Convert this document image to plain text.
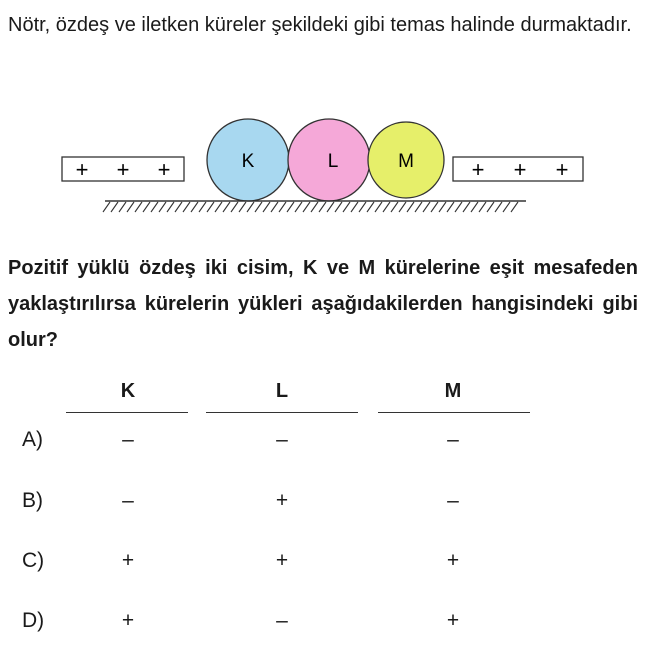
Nötr, özdeş ve iletken küreler şekildeki gibi temas halinde durmaktadır.
+ + +	+ + +
K	L	M
Pozitif yüklü özdeş iki cisim, K ve M kürelerine eşit mesafeden yaklaştırılırsa kürelerin yükleri aşağıdakilerden hangisindeki gibi olur?
K	L	M
A)	–	–	–
B)	–	+	–
C)	+	+	+
D)	+	–	+
